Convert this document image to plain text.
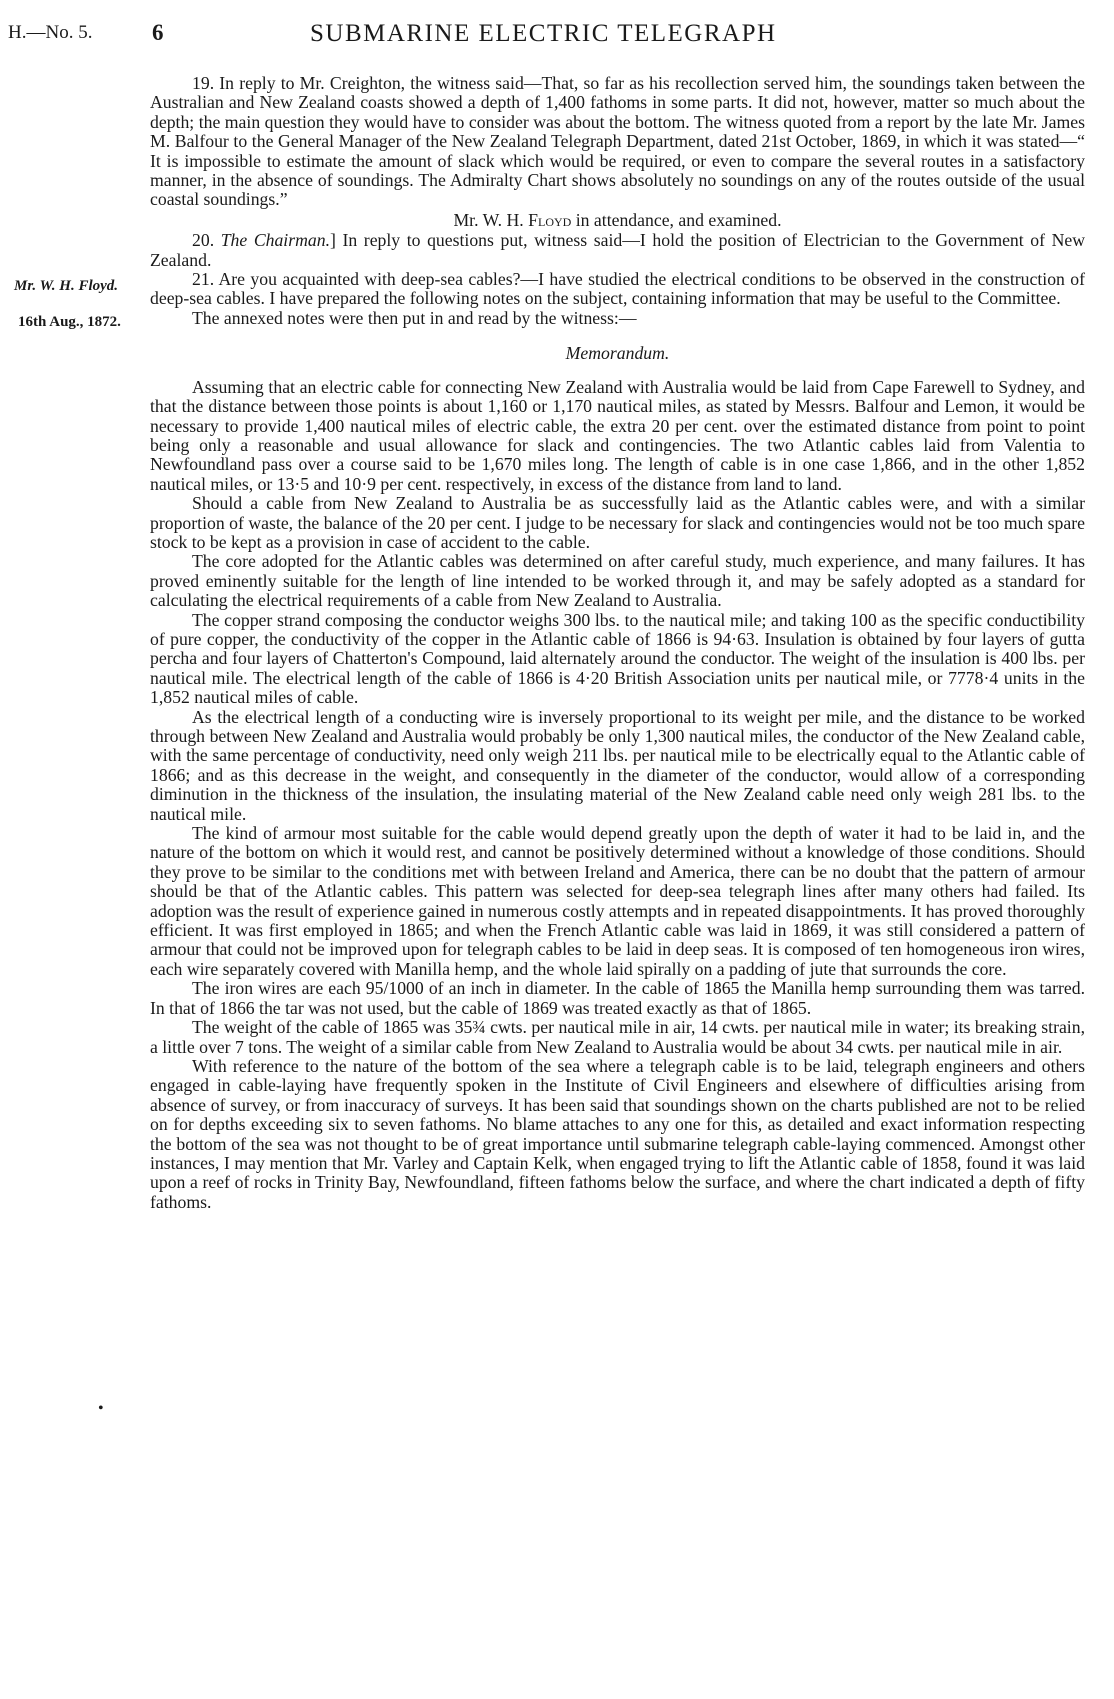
H.—No. 5.	6	SUBMARINE ELECTRIC TELEGRAPH
Mr. W. H. Floyd.
16th Aug., 1872.
•

19. In reply to Mr. Creighton, the witness said—That, so far as his recollection served him, the soundings taken between the Australian and New Zealand coasts showed a depth of 1,400 fathoms in some parts. It did not, however, matter so much about the depth; the main question they would have to consider was about the bottom. The witness quoted from a report by the late Mr. James M. Balfour to the General Manager of the New Zealand Telegraph Department, dated 21st October, 1869, in which it was stated—“ It is impossible to estimate the amount of slack which would be required, or even to compare the several routes in a satisfactory manner, in the absence of soundings. The Admiralty Chart shows absolutely no soundings on any of the routes outside of the usual coastal soundings.”

Mr. W. H. Floyd in attendance, and examined.

20. The Chairman.] In reply to questions put, witness said—I hold the position of Electrician to the Government of New Zealand.

21. Are you acquainted with deep-sea cables?—I have studied the electrical conditions to be observed in the construction of deep-sea cables. I have prepared the following notes on the subject, containing information that may be useful to the Committee.

The annexed notes were then put in and read by the witness:—

Memorandum.

Assuming that an electric cable for connecting New Zealand with Australia would be laid from Cape Farewell to Sydney, and that the distance between those points is about 1,160 or 1,170 nautical miles, as stated by Messrs. Balfour and Lemon, it would be necessary to provide 1,400 nautical miles of electric cable, the extra 20 per cent. over the estimated distance from point to point being only a reasonable and usual allowance for slack and contingencies. The two Atlantic cables laid from Valentia to Newfoundland pass over a course said to be 1,670 miles long. The length of cable is in one case 1,866, and in the other 1,852 nautical miles, or 13·5 and 10·9 per cent. respectively, in excess of the distance from land to land.

Should a cable from New Zealand to Australia be as successfully laid as the Atlantic cables were, and with a similar proportion of waste, the balance of the 20 per cent. I judge to be necessary for slack and contingencies would not be too much spare stock to be kept as a provision in case of accident to the cable.

The core adopted for the Atlantic cables was determined on after careful study, much experience, and many failures. It has proved eminently suitable for the length of line intended to be worked through it, and may be safely adopted as a standard for calculating the electrical requirements of a cable from New Zealand to Australia.

The copper strand composing the conductor weighs 300 lbs. to the nautical mile; and taking 100 as the specific conductibility of pure copper, the conductivity of the copper in the Atlantic cable of 1866 is 94·63. Insulation is obtained by four layers of gutta percha and four layers of Chatterton's Compound, laid alternately around the conductor. The weight of the insulation is 400 lbs. per nautical mile. The electrical length of the cable of 1866 is 4·20 British Association units per nautical mile, or 7778·4 units in the 1,852 nautical miles of cable.

As the electrical length of a conducting wire is inversely proportional to its weight per mile, and the distance to be worked through between New Zealand and Australia would probably be only 1,300 nautical miles, the conductor of the New Zealand cable, with the same percentage of conductivity, need only weigh 211 lbs. per nautical mile to be electrically equal to the Atlantic cable of 1866; and as this decrease in the weight, and consequently in the diameter of the conductor, would allow of a corresponding diminution in the thickness of the insulation, the insulating material of the New Zealand cable need only weigh 281 lbs. to the nautical mile.

The kind of armour most suitable for the cable would depend greatly upon the depth of water it had to be laid in, and the nature of the bottom on which it would rest, and cannot be positively determined without a knowledge of those conditions. Should they prove to be similar to the conditions met with between Ireland and America, there can be no doubt that the pattern of armour should be that of the Atlantic cables. This pattern was selected for deep-sea telegraph lines after many others had failed. Its adoption was the result of experience gained in numerous costly attempts and in repeated disappointments. It has proved thoroughly efficient. It was first employed in 1865; and when the French Atlantic cable was laid in 1869, it was still considered a pattern of armour that could not be improved upon for telegraph cables to be laid in deep seas. It is composed of ten homogeneous iron wires, each wire separately covered with Manilla hemp, and the whole laid spirally on a padding of jute that surrounds the core.

The iron wires are each 95/1000 of an inch in diameter. In the cable of 1865 the Manilla hemp surrounding them was tarred. In that of 1866 the tar was not used, but the cable of 1869 was treated exactly as that of 1865.

The weight of the cable of 1865 was 35¾ cwts. per nautical mile in air, 14 cwts. per nautical mile in water; its breaking strain, a little over 7 tons. The weight of a similar cable from New Zealand to Australia would be about 34 cwts. per nautical mile in air.

With reference to the nature of the bottom of the sea where a telegraph cable is to be laid, telegraph engineers and others engaged in cable-laying have frequently spoken in the Institute of Civil Engineers and elsewhere of difficulties arising from absence of survey, or from inaccuracy of surveys. It has been said that soundings shown on the charts published are not to be relied on for depths exceeding six to seven fathoms. No blame attaches to any one for this, as detailed and exact information respecting the bottom of the sea was not thought to be of great importance until submarine telegraph cable-laying commenced. Amongst other instances, I may mention that Mr. Varley and Captain Kelk, when engaged trying to lift the Atlantic cable of 1858, found it was laid upon a reef of rocks in Trinity Bay, Newfoundland, fifteen fathoms below the surface, and where the chart indicated a depth of fifty fathoms.
